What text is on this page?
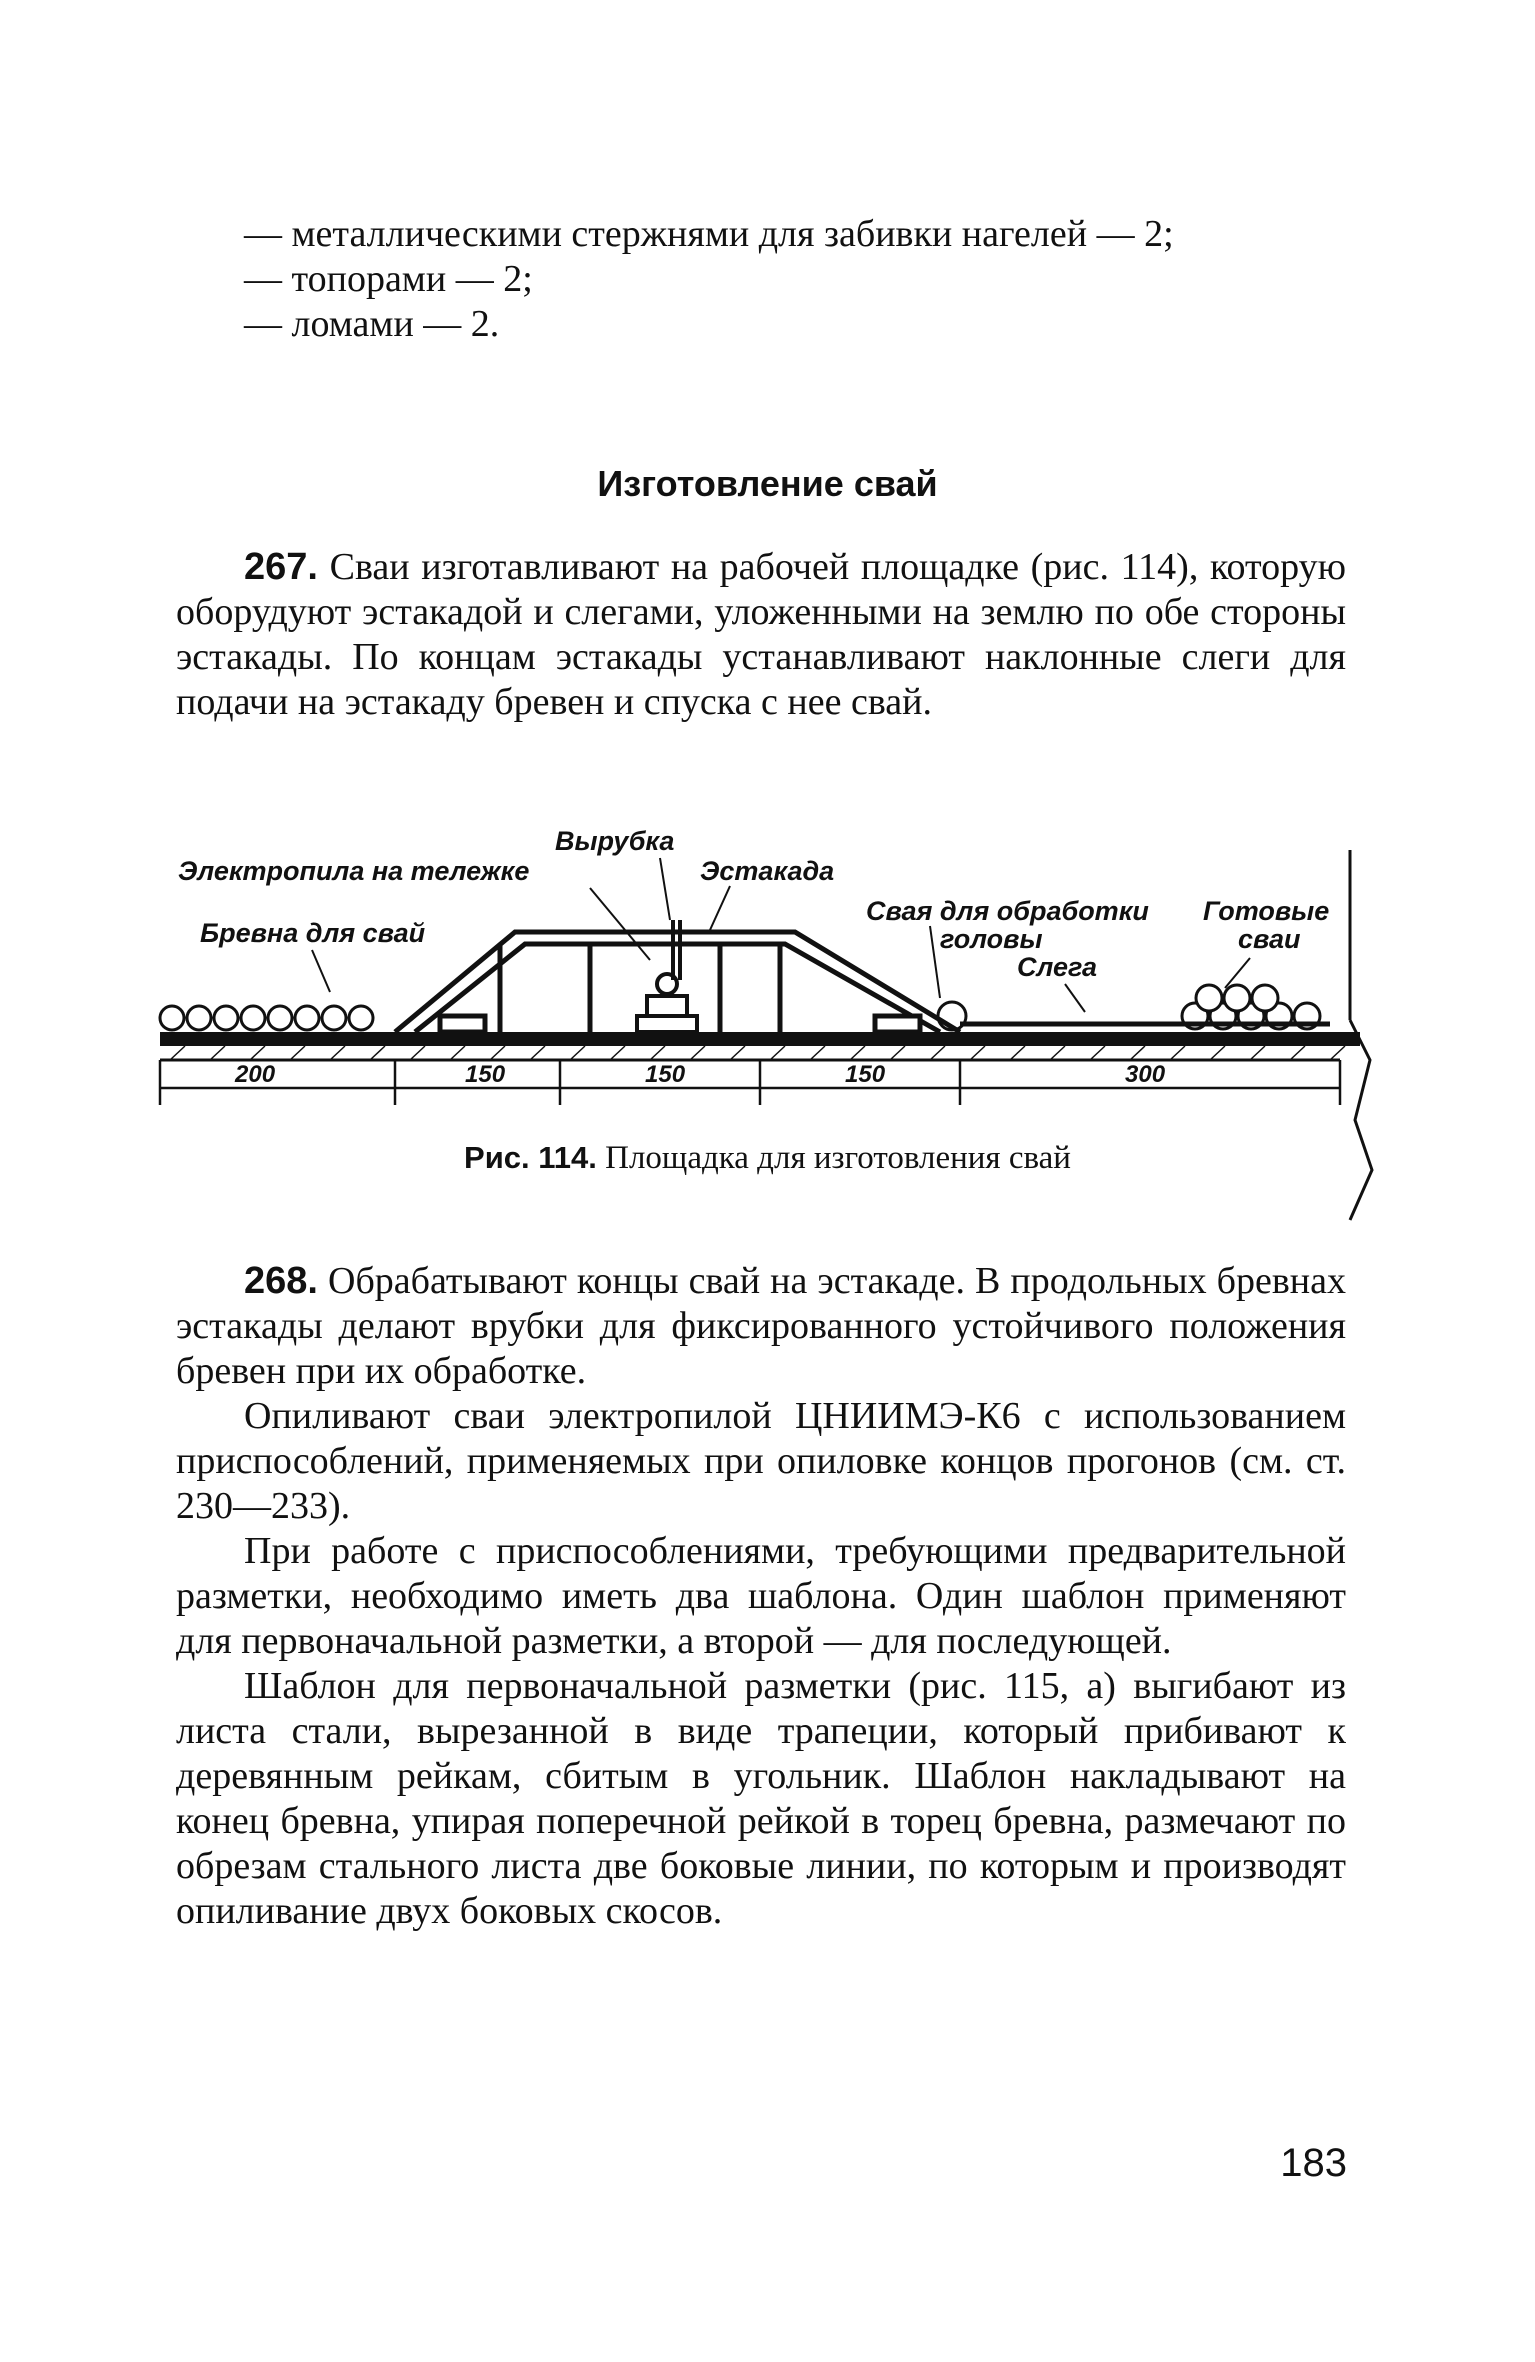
— металлическими стержнями для забивки нагелей — 2;
— топорами — 2;
— ломами — 2.
Изготовление свай

267. Сваи изготавливают на рабочей площадке (рис. 114), которую оборудуют эстакадой и слегами, уложенными на землю по обе стороны эстакады. По концам эстакады устанавливают наклонные слеги для подачи на эстакаду бревен и спуска с нее свай.

Вырубка
Электропила на тележке	Эстакада
Бревна для свай
Свая для обработки
головы
Слега
Готовые
сваи
200	150	150	150	300
Рис. 114. Площадка для изготовления свай

268. Обрабатывают концы свай на эстакаде. В продольных бревнах эстакады делают врубки для фиксированного устойчивого положения бревен при их обработке.

Опиливают сваи электропилой ЦНИИМЭ-К6 с использованием приспособлений, применяемых при опиловке концов прогонов (см. ст. 230—233).

При работе с приспособлениями, требующими предварительной разметки, необходимо иметь два шаблона. Один шаблон применяют для первоначальной разметки, а второй — для последующей.

Шаблон для первоначальной разметки (рис. 115, а) выгибают из листа стали, вырезанной в виде трапеции, который прибивают к деревянным рейкам, сбитым в угольник. Шаблон накладывают на конец бревна, упирая поперечной рейкой в торец бревна, размечают по обрезам стального листа две боковые линии, по которым и производят опиливание двух боковых скосов.

183
